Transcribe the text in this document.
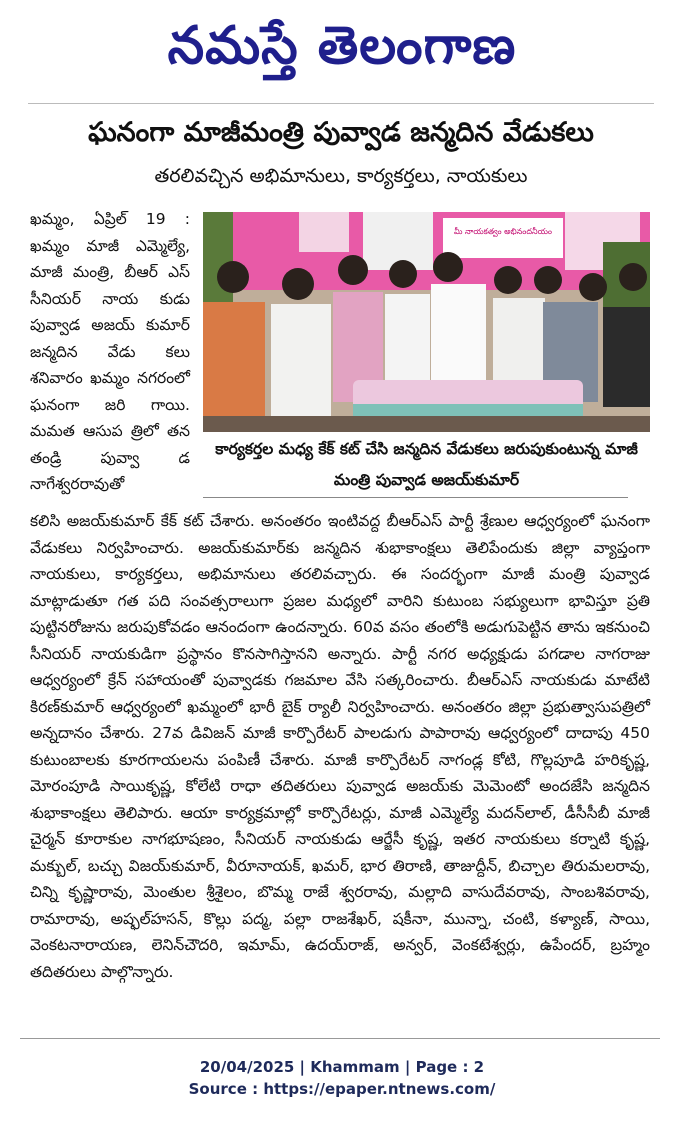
నమస్తే తెలంగాణ
ఘనంగా మాజీమంత్రి పువ్వాడ జన్మదిన వేడుకలు
తరలివచ్చిన అభిమానులు, కార్యకర్తలు, నాయకులు

ఖమ్మం, ఏప్రిల్ 19 : ఖమ్మం మాజీ ఎమ్మెల్యే, మాజీ మంత్రి, బీఆర్ ఎస్ సీనియర్ నాయ కుడు పువ్వాడ అజయ్ కుమార్ జన్మదిన వేడు కలు శనివారం ఖమ్మం నగరంలో ఘనంగా జరి గాయి. మమత ఆసుప త్రిలో తన తండ్రి పువ్వా డ నాగేశ్వరరావుతో

మీ నాయకత్వం అభినందనీయం
కార్యకర్తల మధ్య కేక్ కట్ చేసి జన్మదిన వేడుకలు జరుపుకుంటున్న మాజీ మంత్రి పువ్వాడ అజయ్‌కుమార్

కలిసి అజయ్‌కుమార్ కేక్ కట్ చేశారు. అనంతరం ఇంటివద్ద బీఆర్ఎస్ పార్టీ శ్రేణుల ఆధ్వర్యంలో ఘనంగా వేడుకలు నిర్వహించారు. అజయ్‌కుమార్‌కు జన్మదిన శుభాకాంక్షలు తెలిపేందుకు జిల్లా వ్యాప్తంగా నాయకులు, కార్యకర్తలు, అభిమానులు తరలివచ్చారు. ఈ సందర్భంగా మాజీ మంత్రి పువ్వాడ మాట్లాడుతూ గత పది సంవత్సరాలుగా ప్రజల మధ్యలో వారిని కుటుంబ సభ్యులుగా భావిస్తూ ప్రతి పుట్టినరోజును జరుపుకోవడం ఆనందంగా ఉందన్నారు. 60వ వసం తంలోకి అడుగుపెట్టిన తాను ఇకనుంచి సీనియర్ నాయకుడిగా ప్రస్థానం కొనసాగిస్తానని అన్నారు. పార్టీ నగర అధ్యక్షుడు పగడాల నాగరాజు ఆధ్వర్యంలో క్రేన్ సహాయంతో పువ్వాడకు గజమాల వేసి సత్కరించారు. బీఆర్ఎస్ నాయకుడు మాటేటి కిరణ్‌కుమార్ ఆధ్వర్యంలో ఖమ్మంలో భారీ బైక్ ర్యాలీ నిర్వహించారు. అనంతరం జిల్లా ప్రభుత్వాసుపత్రిలో అన్నదానం చేశారు. 27వ డివిజన్ మాజీ కార్పొరేటర్ పాలడుగు పాపారావు ఆధ్వర్యంలో దాదాపు 450 కుటుంబాలకు కూరగాయలను పంపిణీ చేశారు. మాజీ కార్పొరేటర్ నాగండ్ల కోటి, గొల్లపూడి హరికృష్ణ, మోరంపూడి సాయికృష్ణ, కోలేటి రాధా తదితరులు పువ్వాడ అజయ్‌కు మెమెంటో అందజేసి జన్మదిన శుభాకాంక్షలు తెలిపారు. ఆయా కార్యక్రమాల్లో కార్పొరేటర్లు, మాజీ ఎమ్మెల్యే మదన్‌లాల్, డీసీసీబీ మాజీ చైర్మన్ కూరాకుల నాగభూషణం, సీనియర్ నాయకుడు ఆర్జేసీ కృష్ణ, ఇతర నాయకులు కర్నాటి కృష్ణ, మక్బుల్, బచ్చు విజయ్‌కుమార్, వీరూనాయక్, ఖమర్, భార తిరాణి, తాజుద్దీన్, బిచ్చాల తిరుమలరావు, చిన్ని కృష్ణారావు, మెంతుల శ్రీశైలం, బొమ్మ రాజే శ్వరరావు, మల్లాది వాసుదేవరావు, సాంబశివరావు, రామారావు, అష్ఫల్‌హసన్, కొల్లు పద్మ, పల్లా రాజశేఖర్, షకీనా, మున్నా, చంటి, కళ్యాణ్, సాయి, వెంకటనారాయణ, లెనిన్‌చౌదరి, ఇమామ్, ఉదయ్‌రాజ్, అన్వర్, వెంకటేశ్వర్లు, ఉపేందర్, బ్రహ్మం తదితరులు పాల్గొన్నారు.

20/04/2025 | Khammam | Page : 2
Source : https://epaper.ntnews.com/
